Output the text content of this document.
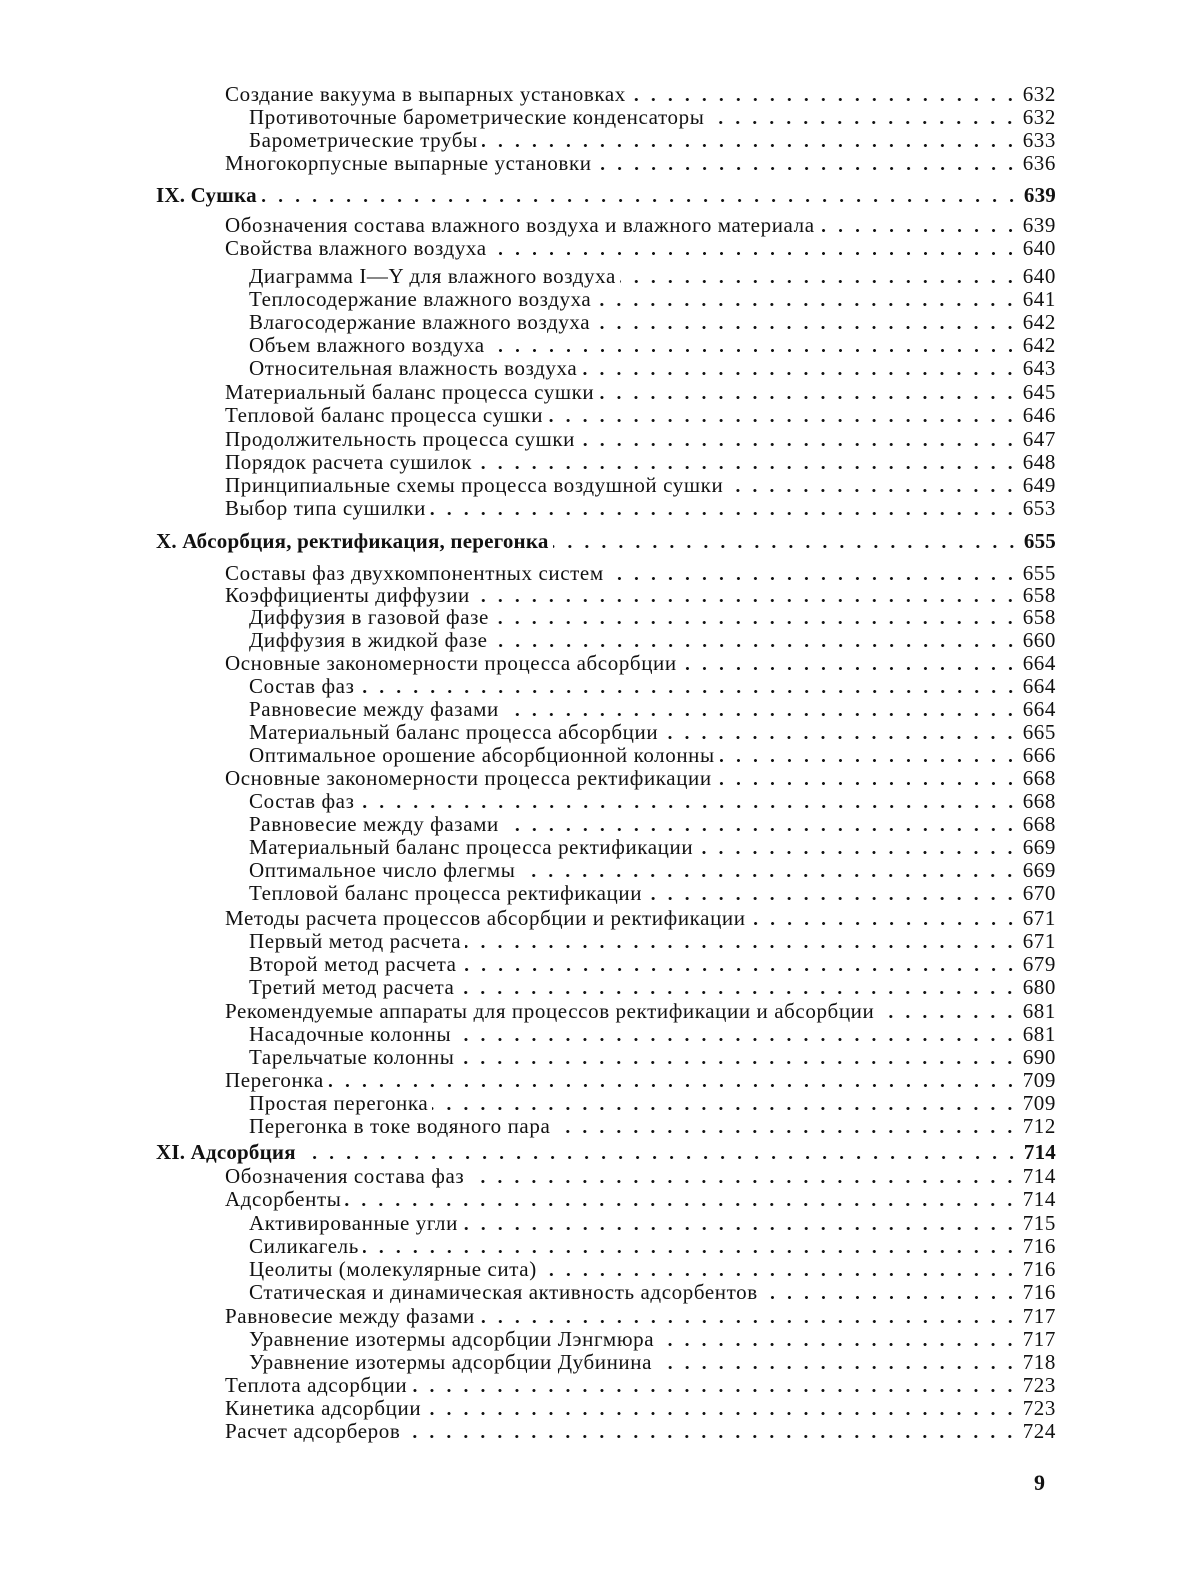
Создание вакуума в выпарных установках	632
Противоточные барометрические конденсаторы	632
Барометрические трубы	633
Многокорпусные выпарные установки	636
IX. Сушка	639
Обозначения состава влажного воздуха и влажного материала	639
Свойства влажного воздуха	640
Диаграмма I—Y для влажного воздуха	640
Теплосодержание влажного воздуха	641
Влагосодержание влажного воздуха	642
Объем влажного воздуха	642
Относительная влажность воздуха	643
Материальный баланс процесса сушки	645
Тепловой баланс процесса сушки	646
Продолжительность процесса сушки	647
Порядок расчета сушилок	648
Принципиальные схемы процесса воздушной сушки	649
Выбор типа сушилки	653
X. Абсорбция, ректификация, перегонка	655
Составы фаз двухкомпонентных систем	655
Коэффициенты диффузии	658
Диффузия в газовой фазе	658
Диффузия в жидкой фазе	660
Основные закономерности процесса абсорбции	664
Состав фаз	664
Равновесие между фазами	664
Материальный баланс процесса абсорбции	665
Оптимальное орошение абсорбционной колонны	666
Основные закономерности процесса ректификации	668
Состав фаз	668
Равновесие между фазами	668
Материальный баланс процесса ректификации	669
Оптимальное число флегмы	669
Тепловой баланс процесса ректификации	670
Методы расчета процессов абсорбции и ректификации	671
Первый метод расчета	671
Второй метод расчета	679
Третий метод расчета	680
Рекомендуемые аппараты для процессов ректификации и абсорбции	681
Насадочные колонны	681
Тарельчатые колонны	690
Перегонка	709
Простая перегонка	709
Перегонка в токе водяного пара	712
XI. Адсорбция	714
Обозначения состава фаз	714
Адсорбенты	714
Активированные угли	715
Силикагель	716
Цеолиты (молекулярные сита)	716
Статическая и динамическая активность адсорбентов	716
Равновесие между фазами	717
Уравнение изотермы адсорбции Лэнгмюра	717
Уравнение изотермы адсорбции Дубинина	718
Теплота адсорбции	723
Кинетика адсорбции	723
Расчет адсорберов	724
9
